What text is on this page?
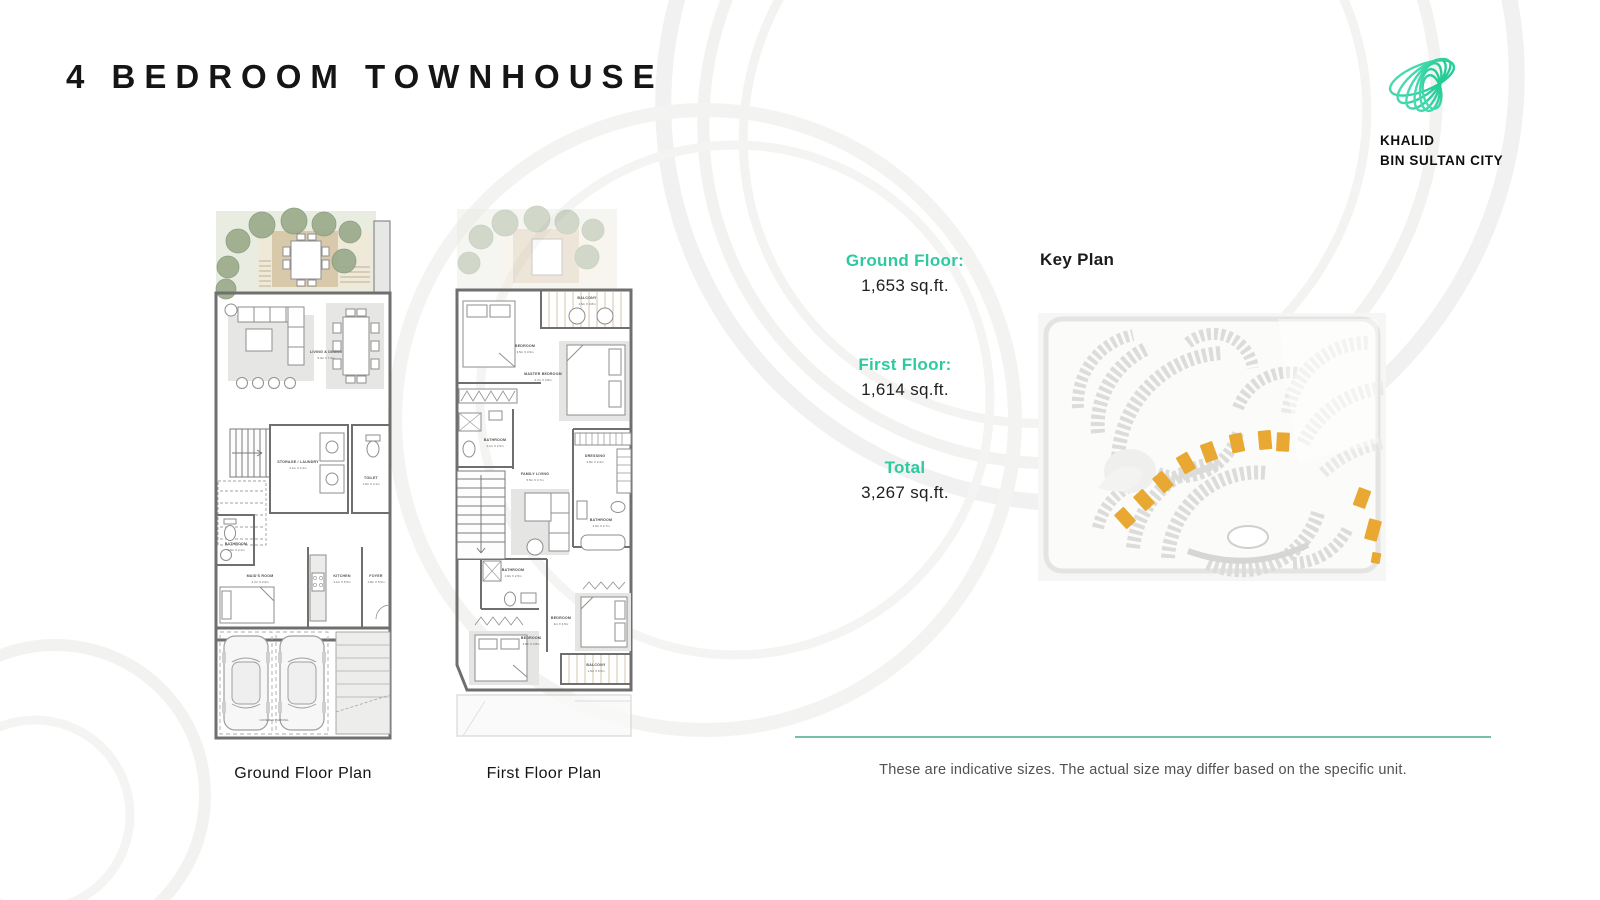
4 BEDROOM TOWNHOUSE
KHALID
BIN SULTAN CITY
LIVING & DINING
5.3m X 7.4m
STORAGE / LAUNDRY
2.1m X 2.4m
TOILET
1.6m X 2.1m
BATHROOM
1.5m X 2.1m
MAID'S ROOM
2.7m X 2.9m
KITCHEN
4.1m X 5.5m
FOYER
1.8m X 5.5m
COVERED PARKING
BALCONY
1.5m X 3.8m
BEDROOM
3.5m X 3.9m
MASTER BEDROOM
4.7m X 3.8m
BATHROOM
2.1m X 2.5m
FAMILY LIVING
5.5m X 3.7m
DRESSING
3.8m X 2.4m
BATHROOM
3.0m X 2.7m
BATHROOM
1.9m X 2.5m
BEDROOM
4m X 3.5m
BEDROOM
3.8m X 3.8m
BALCONY
1.5m X 5.5m
Ground Floor Plan	First Floor Plan
Ground Floor:
1,653 sq.ft.
First Floor:
1,614 sq.ft.
Total
3,267 sq.ft.
Key Plan
These are indicative sizes. The actual size may differ based on the specific unit.
